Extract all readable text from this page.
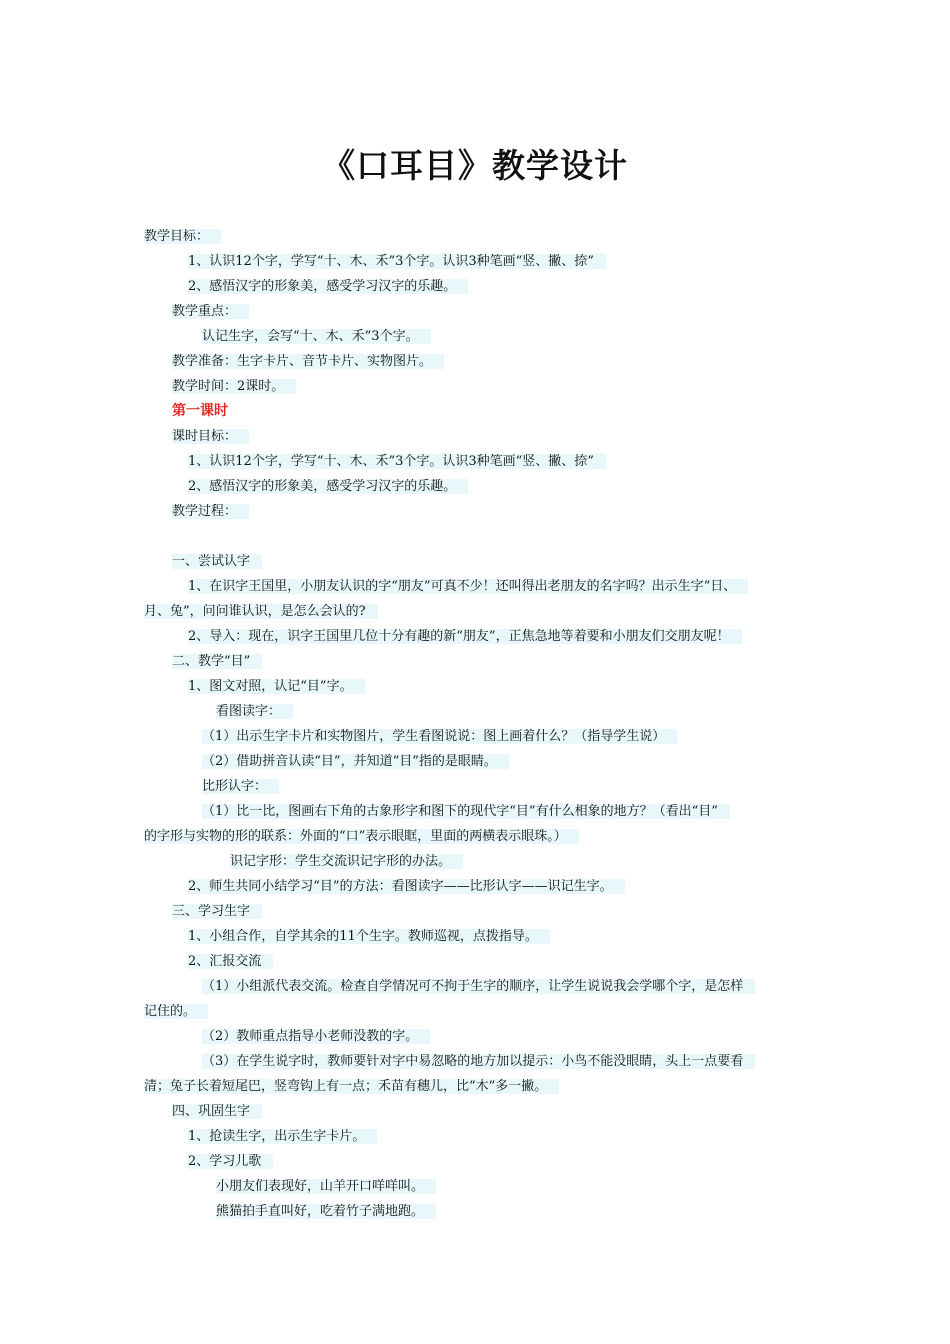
《口耳目》教学设计
教学目标：
1、认识12个字，学写“十、木、禾”3个字。认识3种笔画“竖、撇、捺”
2、感悟汉字的形象美，感受学习汉字的乐趣。
教学重点：
认记生字，会写“十、木、禾”3个字。
教学准备：生字卡片、音节卡片、实物图片。
教学时间：2课时。
第一课时
课时目标：
1、认识12个字，学写“十、木、禾”3个字。认识3种笔画“竖、撇、捺”
2、感悟汉字的形象美，感受学习汉字的乐趣。
教学过程：
一、尝试认字
1、在识字王国里，小朋友认识的字“朋友”可真不少！还叫得出老朋友的名字吗？出示生字“日、
月、兔”，问问谁认识，是怎么会认的?
2、导入：现在，识字王国里几位十分有趣的新“朋友”，正焦急地等着要和小朋友们交朋友呢！
二、教学“目”
1、图文对照，认记“目”字。
看图读字：
（1）出示生字卡片和实物图片，学生看图说说：图上画着什么？（指导学生说）
（2）借助拼音认读“目”，并知道“目”指的是眼睛。
比形认字：
（1）比一比，图画右下角的古象形字和图下的现代字“目”有什么相象的地方？（看出“目”
的字形与实物的形的联系：外面的“口”表示眼眶，里面的两横表示眼珠。）
识记字形：学生交流识记字形的办法。
2、师生共同小结学习“目”的方法：看图读字——比形认字——识记生字。
三、学习生字
1、小组合作，自学其余的11个生字。教师巡视，点拨指导。
2、汇报交流
（1）小组派代表交流。检查自学情况可不拘于生字的顺序，让学生说说我会学哪个字，是怎样
记住的。
（2）教师重点指导小老师没教的字。
（3）在学生说字时，教师要针对字中易忽略的地方加以提示：小鸟不能没眼睛，头上一点要看
清；兔子长着短尾巴，竖弯钩上有一点；禾苗有穗儿，比“木”多一撇。
四、巩固生字
1、抢读生字，出示生字卡片。
2、学习儿歌
小朋友们表现好，山羊开口咩咩叫。
熊猫拍手直叫好，吃着竹子满地跑。
